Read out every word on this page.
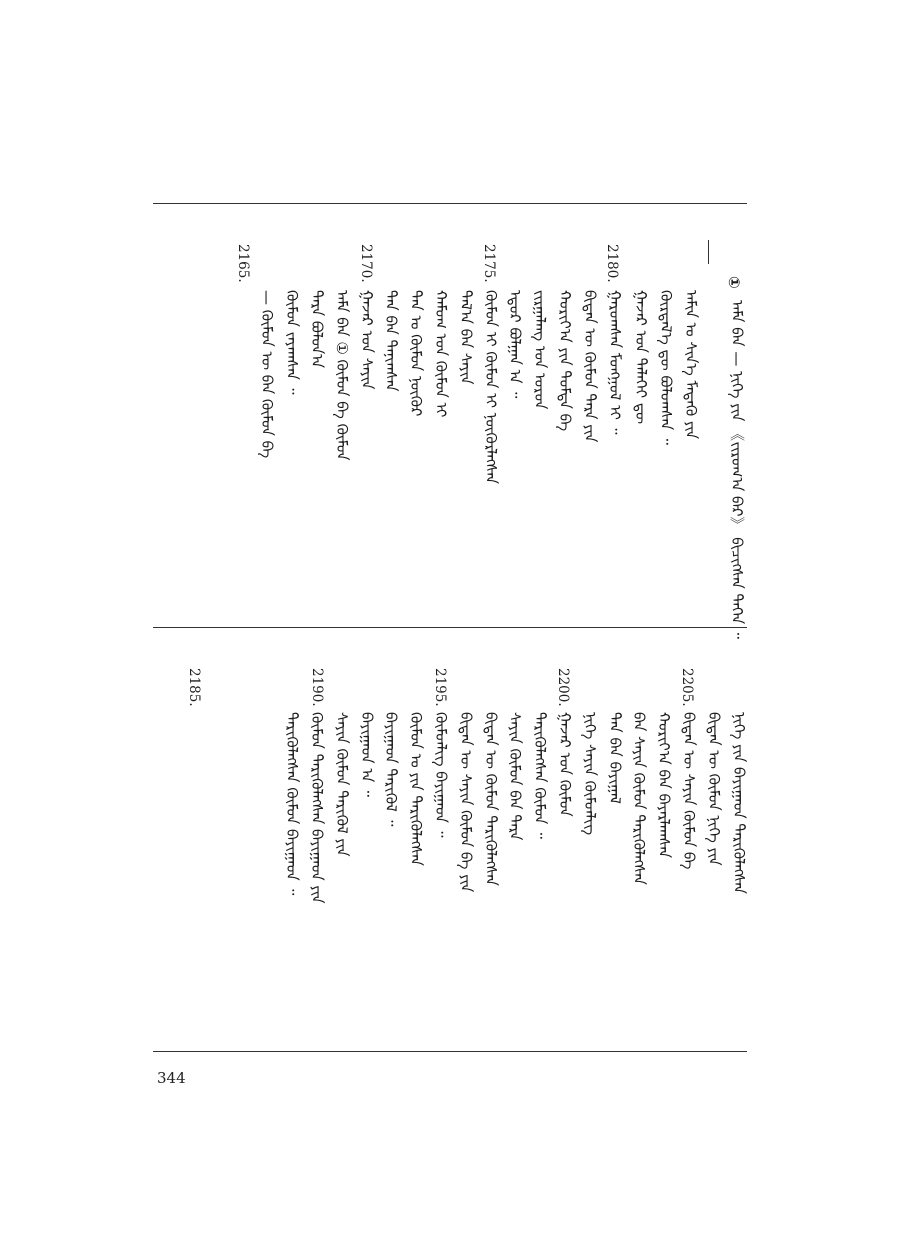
①
ᠠᠮᠠ ᠪᠠᠨ — ᠨᠢᠭᠡ ᠶᠢᠨ 《ᠵᠢᠷᠤᠭ᠎ᠠ ᠪᠠᠷ》 ᠪᠢᠴᠢᠭᠰᠡᠨ ᠳᠡᠭᠡᠨ ᠃
2165.	2170.	2175.	2180.
ᠠᠮᠢᠨ ᠤ ᠰᠢᠨ᠎ᠡ ᠮᠡᠳᠡᠭᠦ ᠶᠢᠨ
ᠬᠦᠷᠲᠡᠯ᠎ᠡ ᠳᠦ ᠪᠤᠯᠤᠭᠰᠠᠨ ᠃
ᠭᠠᠵᠠᠷ ᠤᠨ ᠳᠡᠯᠡᠬᠡᠢ ᠳᠦ
ᠭᠠᠷᠤᠭᠰᠠᠨ ᠮᠣᠩᠭᠤᠯ ᠢ ᠃
ᠪᠢᠳᠡᠨ ᠦ ᠬᠦᠮᠦᠨ ᠲᠡᠷᠡ ᠶᠢᠨ
ᠬᠣᠷᠢᠶ᠎ᠠ ᠶᠢᠨ ᠳᠤᠮᠳᠠ ᠪᠠ
ᠵᠢᠷᠭᠠᠯᠠᠩ ᠤᠨ ᠣᠷᠣᠨ
ᠡᠳᠦᠷ ᠪᠣᠯᠭᠠᠨ ᠠ ᠃
ᠬᠦᠮᠦᠨ ᠢ ᠬᠦᠮᠦᠨ ᠢ ᠨᠦᠬᠦᠷᠯᠡᠭᠰᠡᠨ
ᠲᠠᠯ᠎ᠠ ᠪᠠᠨ ᠰᠠᠶᠢᠨ
ᠬᠠᠮᠤᠭ ᠤᠨ ᠬᠦᠮᠦᠨ ᠢ
ᠲᠠᠨ ᠤ ᠬᠦᠮᠦᠨ ᠨᠦᠬᠦᠷ
ᠲᠠᠨ ᠪᠠᠨ ᠲᠠᠨᠢᠭᠰᠠᠨ
ᠭᠠᠵᠠᠷ ᠤᠨ ᠰᠠᠶᠢᠨ
ᠠᠮᠠ ᠪᠠᠨ ① ᠬᠦᠮᠦᠨ ᠪᠠ ᠬᠦᠮᠦᠨ
ᠲᠡᠷᠡ ᠪᠤᠯᠤᠨ᠎ᠠ
ᠬᠦᠮᠦᠨ ᠵᠠᠶᠠᠭᠰᠠᠨ ᠃
— ᠬᠦᠮᠦᠨ ᠦ ᠪᠡᠨ ᠬᠦᠮᠦᠨ ᠪᠠ
2185.	2190.	2195.	2200.	2205.
ᠨᠢᠭᠡ ᠶᠢᠨ ᠪᠠᠶᠢᠭᠠᠳ ᠲᠡᠷᠢᠭᠦᠯᠡᠭᠰᠡᠨ
ᠪᠢᠳᠡᠨ ᠦ ᠬᠦᠮᠦᠨ ᠨᠢᠭᠡ ᠶᠢᠨ
ᠪᠢᠳᠡᠨ ᠦ ᠰᠠᠶᠢᠨ ᠬᠦᠮᠦᠨ ᠪᠠ
ᠬᠤᠷᠢᠶ᠎ᠠ ᠪᠠᠨ ᠪᠠᠶᠠᠷᠯᠠᠭᠰᠠᠨ
ᠪᠠᠨ ᠰᠠᠶᠢᠨ ᠬᠦᠮᠦᠨ ᠲᠡᠷᠢᠭᠦᠯᠡᠭᠰᠡᠨ
ᠲᠠᠨ ᠪᠠᠨ ᠪᠠᠶᠢᠭᠠᠯ
ᠨᠢᠭᠡ ᠰᠠᠶᠢᠨ ᠬᠦᠮᠦᠨᠯᠢᠭ
ᠭᠠᠵᠠᠷ ᠤᠨ ᠬᠦᠮᠦᠨ
ᠲᠡᠷᠢᠭᠦᠯᠡᠭᠰᠡᠨ ᠬᠦᠮᠦᠨ ᠃
ᠰᠠᠶᠢᠨ ᠬᠦᠮᠦᠨ ᠪᠠᠨ ᠲᠡᠷᠡ
ᠪᠢᠳᠡᠨ ᠦ ᠬᠦᠮᠦᠨ ᠲᠡᠷᠢᠭᠦᠯᠡᠭᠰᠡᠨ
ᠪᠢᠳᠡᠨ ᠦ ᠰᠠᠶᠢᠨ ᠬᠦᠮᠦᠨ ᠪᠠ ᠶᠢᠨ
ᠬᠦᠮᠦᠨᠯᠢᠭ ᠪᠠᠶᠢᠭᠠᠳ ᠃
ᠬᠦᠮᠦᠨ ᠤ ᠶᠢᠨ ᠲᠡᠷᠢᠭᠦᠯᠡᠭᠰᠡᠨ
ᠪᠠᠶᠢᠭᠠᠳ ᠲᠡᠷᠢᠭᠦᠯ ᠃
ᠪᠠᠶᠢᠭᠠᠳ ᠠ ᠃
ᠰᠠᠶᠢᠨ ᠬᠦᠮᠦᠨ ᠲᠡᠷᠢᠭᠦᠯ ᠶᠢᠨ
ᠬᠦᠮᠦᠨ ᠲᠡᠷᠢᠭᠦᠯᠡᠭᠰᠡᠨ ᠪᠠᠶᠢᠭᠠᠳ ᠶᠢᠨ
ᠲᠡᠷᠢᠭᠦᠯᠡᠭᠰᠡᠨ ᠬᠦᠮᠦᠨ ᠪᠠᠶᠢᠭᠠᠳ ᠃
344
